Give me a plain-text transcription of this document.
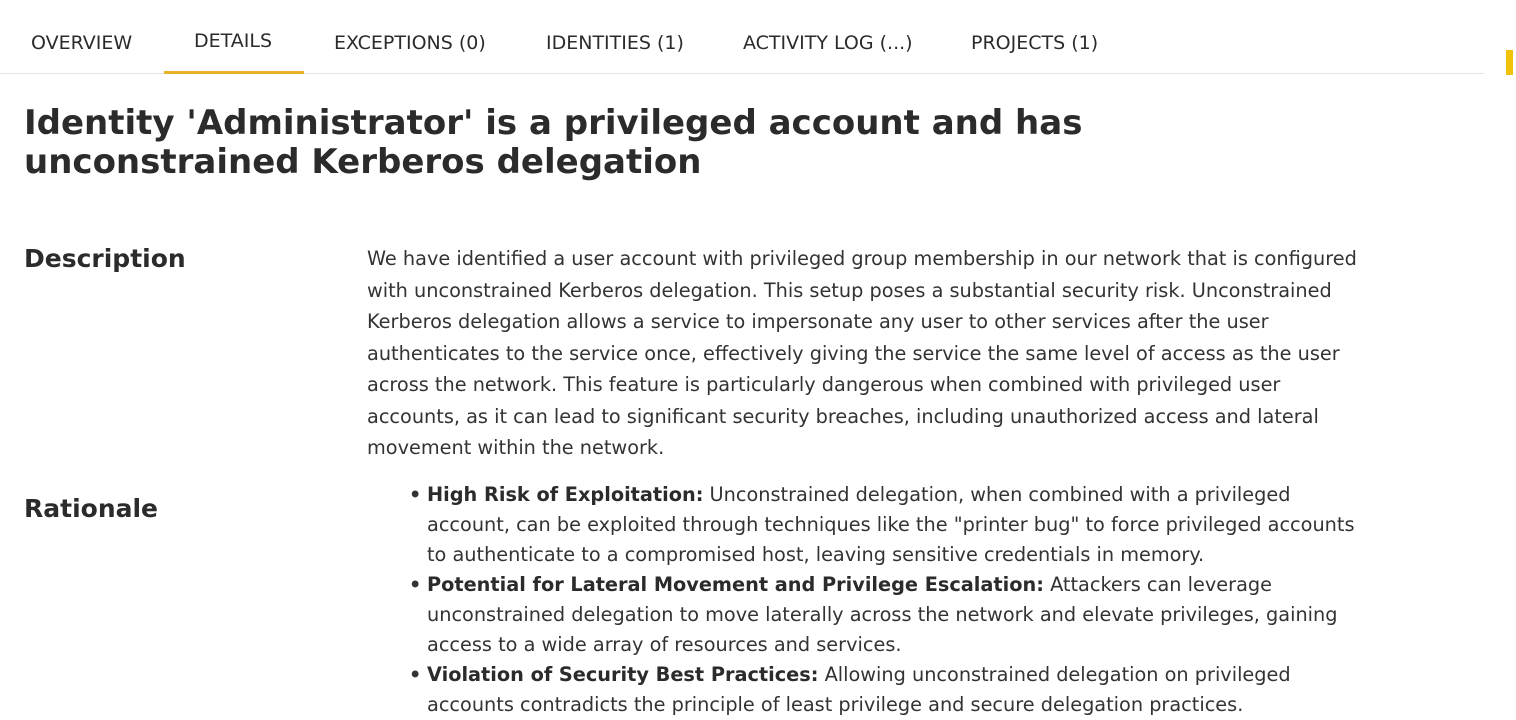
OVERVIEW	DETAILS	EXCEPTIONS (0)	IDENTITIES (1)	ACTIVITY LOG (...)	PROJECTS (1)
Identity 'Administrator' is a privileged account and has unconstrained Kerberos delegation
Description	We have identified a user account with privileged group membership in our network that is configured with unconstrained Kerberos delegation. This setup poses a substantial security risk. Unconstrained Kerberos delegation allows a service to impersonate any user to other services after the user authenticates to the service once, effectively giving the service the same level of access as the user across the network. This feature is particularly dangerous when combined with privileged user accounts, as it can lead to significant security breaches, including unauthorized access and lateral movement within the network.

Rationale	• High Risk of Exploitation: Unconstrained delegation, when combined with a privileged account, can be exploited through techniques like the "printer bug" to force privileged accounts to authenticate to a compromised host, leaving sensitive credentials in memory.
• Potential for Lateral Movement and Privilege Escalation: Attackers can leverage unconstrained delegation to move laterally across the network and elevate privileges, gaining access to a wide array of resources and services.
• Violation of Security Best Practices: Allowing unconstrained delegation on privileged accounts contradicts the principle of least privilege and secure delegation practices.
